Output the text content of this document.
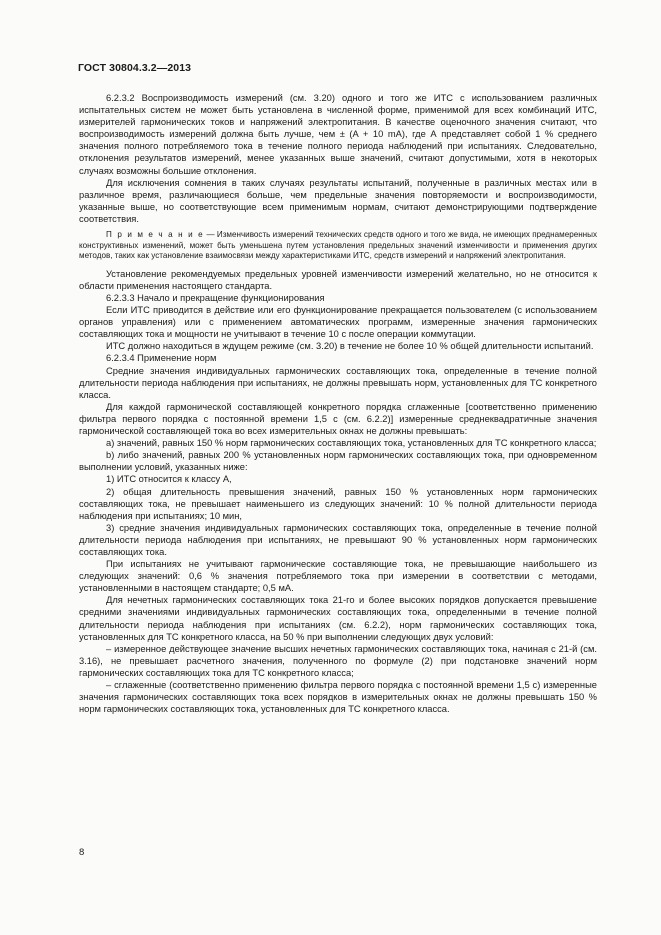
ГОСТ 30804.3.2—2013

6.2.3.2 Воспроизводимость измерений (см. 3.20) одного и того же ИТС с использованием различных испытательных систем не может быть установлена в численной форме, применимой для всех комбинаций ИТС, измерителей гармонических токов и напряжений электропитания. В качестве оценочного значения считают, что воспроизводимость измерений должна быть лучше, чем ± (A + 10 mA), где А представляет собой 1 % среднего значения полного потребляемого тока в течение полного периода наблюдений при испытаниях. Следовательно, отклонения результатов измерений, менее указанных выше значений, считают допустимыми, хотя в некоторых случаях возможны большие отклонения.

Для исключения сомнения в таких случаях результаты испытаний, полученные в различных местах или в различное время, различающиеся больше, чем предельные значения повторяемости и воспроизводимости, указанные выше, но соответствующие всем применимым нормам, считают демонстрирующими подтверждение соответствия.

П р и м е ч а н и е — Изменчивость измерений технических средств одного и того же вида, не имеющих преднамеренных конструктивных изменений, может быть уменьшена путем установления предельных значений изменчивости и применения других методов, таких как установление взаимосвязи между характеристиками ИТС, средств измерений и напряжений электропитания.

Установление рекомендуемых предельных уровней изменчивости измерений желательно, но не относится к области применения настоящего стандарта.

6.2.3.3 Начало и прекращение функционирования

Если ИТС приводится в действие или его функционирование прекращается пользователем (с использованием органов управления) или с применением автоматических программ, измеренные значения гармонических составляющих тока и мощности не учитывают в течение 10 с после операции коммутации.

ИТС должно находиться в ждущем режиме (см. 3.20) в течение не более 10 % общей длительности испытаний.

6.2.3.4 Применение норм

Средние значения индивидуальных гармонических составляющих тока, определенные в течение полной длительности периода наблюдения при испытаниях, не должны превышать норм, установленных для ТС конкретного класса.

Для каждой гармонической составляющей конкретного порядка сглаженные [соответственно применению фильтра первого порядка с постоянной времени 1,5 с (см. 6.2.2)] измеренные среднеквадратичные значения гармонической составляющей тока во всех измерительных окнах не должны превышать:

a) значений, равных 150 % норм гармонических составляющих тока, установленных для ТС конкретного класса;

b) либо значений, равных 200 % установленных норм гармонических составляющих тока, при одновременном выполнении условий, указанных ниже:

1) ИТС относится к классу А,

2) общая длительность превышения значений, равных 150 % установленных норм гармонических составляющих тока, не превышает наименьшего из следующих значений: 10 % полной длительности периода наблюдения при испытаниях; 10 мин,

3) средние значения индивидуальных гармонических составляющих тока, определенные в течение полной длительности периода наблюдения при испытаниях, не превышают 90 % установленных норм гармонических составляющих тока.

При испытаниях не учитывают гармонические составляющие тока, не превышающие наибольшего из следующих значений: 0,6 % значения потребляемого тока при измерении в соответствии с методами, установленными в настоящем стандарте; 0,5 мА.

Для нечетных гармонических составляющих тока 21-го и более высоких порядков допускается превышение средними значениями индивидуальных гармонических составляющих тока, определенными в течение полной длительности периода наблюдения при испытаниях (см. 6.2.2), норм гармонических составляющих тока, установленных для ТС конкретного класса, на 50 % при выполнении следующих двух условий:

– измеренное действующее значение высших нечетных гармонических составляющих тока, начиная с 21-й (см. 3.16), не превышает расчетного значения, полученного по формуле (2) при подстановке значений норм гармонических составляющих тока для ТС конкретного класса;

– сглаженные (соответственно применению фильтра первого порядка с постоянной времени 1,5 с) измеренные значения гармонических составляющих тока всех порядков в измерительных окнах не должны превышать 150 % норм гармонических составляющих тока, установленных для ТС конкретного класса.

8
